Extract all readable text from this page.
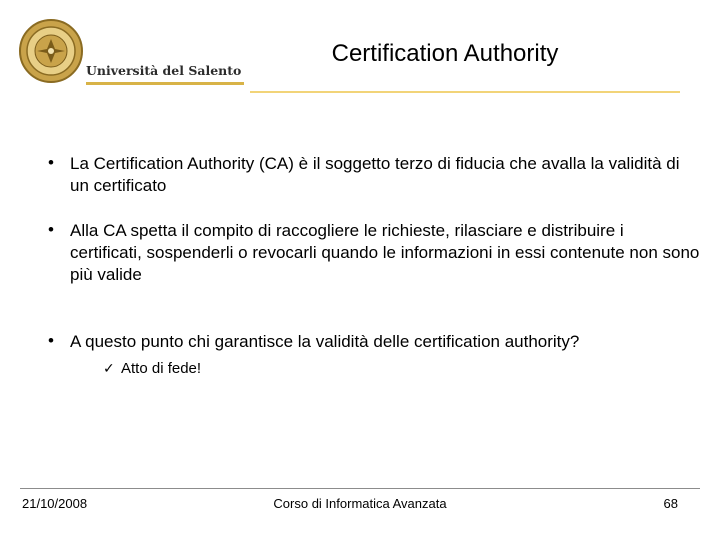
Università del Salento
Certification Authority
• La Certification Authority (CA) è il soggetto terzo di fiducia che avalla la validità di un certificato
• Alla CA spetta il compito di raccogliere le richieste, rilasciare e distribuire i certificati, sospenderli o revocarli quando le informazioni in essi contenute non sono più valide
• A questo punto chi garantisce la validità delle certification authority?
✓ Atto di fede!
21/10/2008	Corso di Informatica Avanzata	68
